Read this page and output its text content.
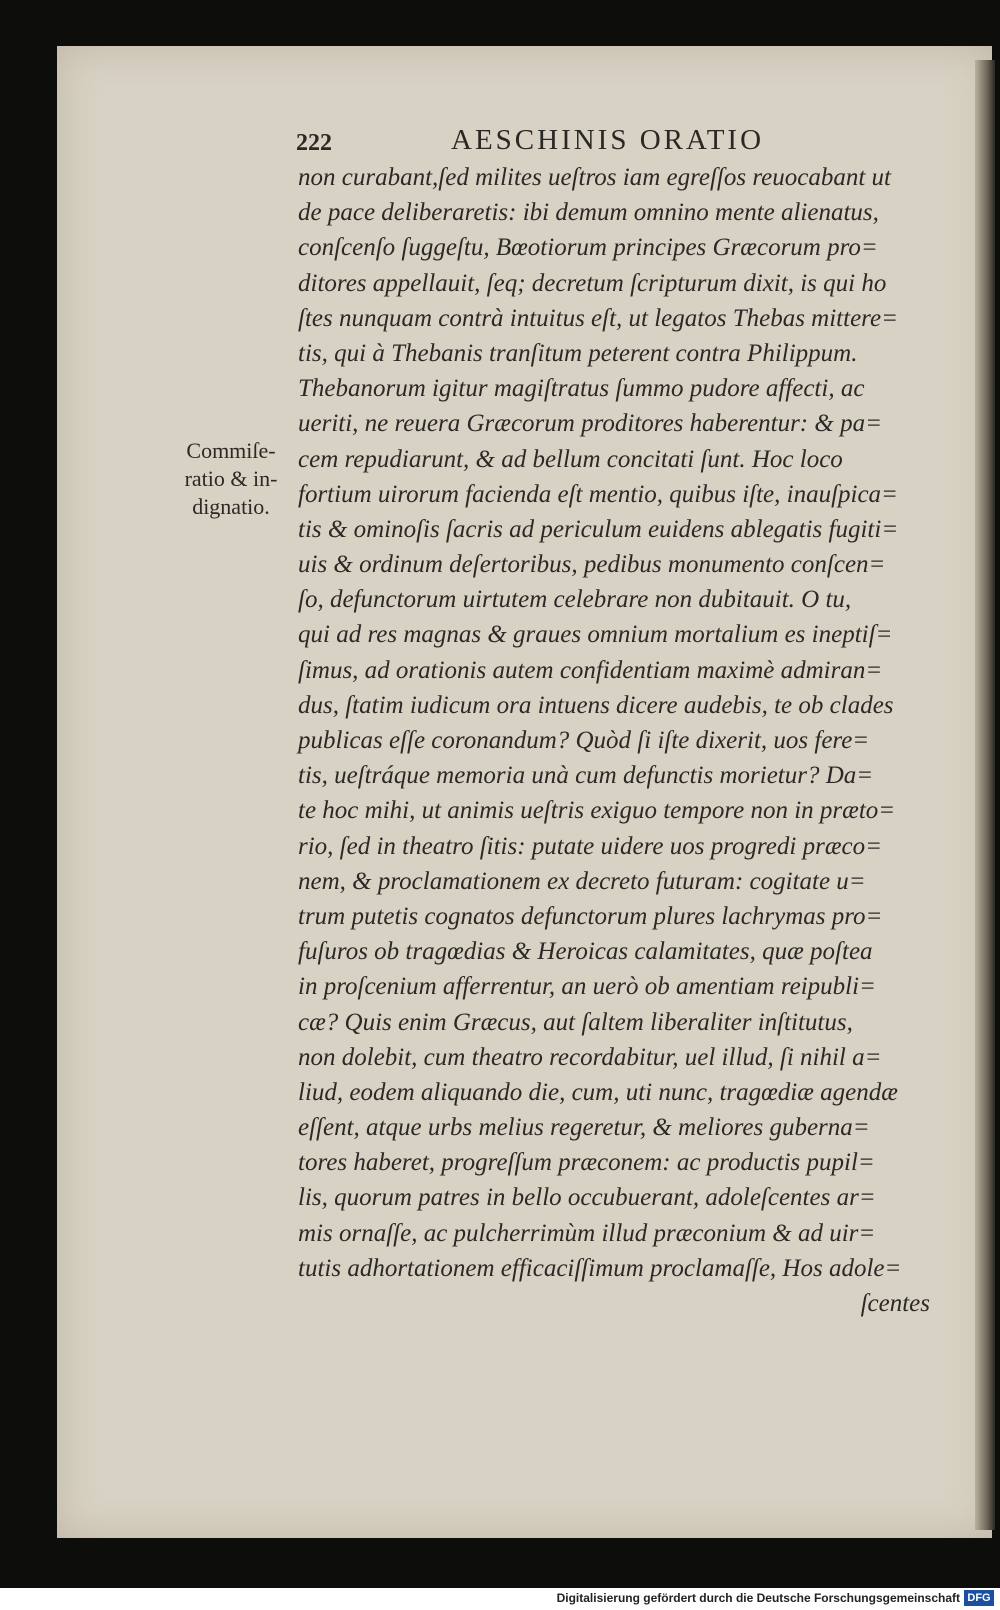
222	AESCHINIS ORATIO
Commiſe-
ratio & in-
dignatio.
non curabant,ſed milites ueſtros iam egreſſos reuocabant ut
de pace deliberaretis: ibi demum omnino mente alienatus,
conſcenſo ſuggeſtu, Bœotiorum principes Græcorum pro=
ditores appellauit, ſeq; decretum ſcripturum dixit, is qui ho
ſtes nunquam contrà intuitus eſt, ut legatos Thebas mittere=
tis, qui à Thebanis tranſitum peterent contra Philippum.
Thebanorum igitur magiſtratus ſummo pudore affecti, ac
ueriti, ne reuera Græcorum proditores haberentur: & pa=
cem repudiarunt, & ad bellum concitati ſunt. Hoc loco
fortium uirorum facienda eſt mentio, quibus iſte, inauſpica=
tis & ominoſis ſacris ad periculum euidens ablegatis fugiti=
uis & ordinum deſertoribus, pedibus monumento conſcen=
ſo, defunctorum uirtutem celebrare non dubitauit. O tu,
qui ad res magnas & graues omnium mortalium es ineptiſ=
ſimus, ad orationis autem confidentiam maximè admiran=
dus, ſtatim iudicum ora intuens dicere audebis, te ob clades
publicas eſſe coronandum? Quòd ſi iſte dixerit, uos fere=
tis, ueſtráque memoria unà cum defunctis morietur? Da=
te hoc mihi, ut animis ueſtris exiguo tempore non in præto=
rio, ſed in theatro ſitis: putate uidere uos progredi præco=
nem, & proclamationem ex decreto futuram: cogitate u=
trum putetis cognatos defunctorum plures lachrymas pro=
fuſuros ob tragœdias & Heroicas calamitates, quæ poſtea
in proſcenium afferrentur, an uerò ob amentiam reipubli=
cæ? Quis enim Græcus, aut ſaltem liberaliter inſtitutus,
non dolebit, cum theatro recordabitur, uel illud, ſi nihil a=
liud, eodem aliquando die, cum, uti nunc, tragœdiæ agendæ
eſſent, atque urbs melius regeretur, & meliores guberna=
tores haberet, progreſſum præconem: ac productis pupil=
lis, quorum patres in bello occubuerant, adoleſcentes ar=
mis ornaſſe, ac pulcherrimùm illud præconium & ad uir=
tutis adhortationem efficaciſſimum proclamaſſe, Hos adole=
ſcentes
Digitalisierung gefördert durch die Deutsche Forschungsgemeinschaft DFG
